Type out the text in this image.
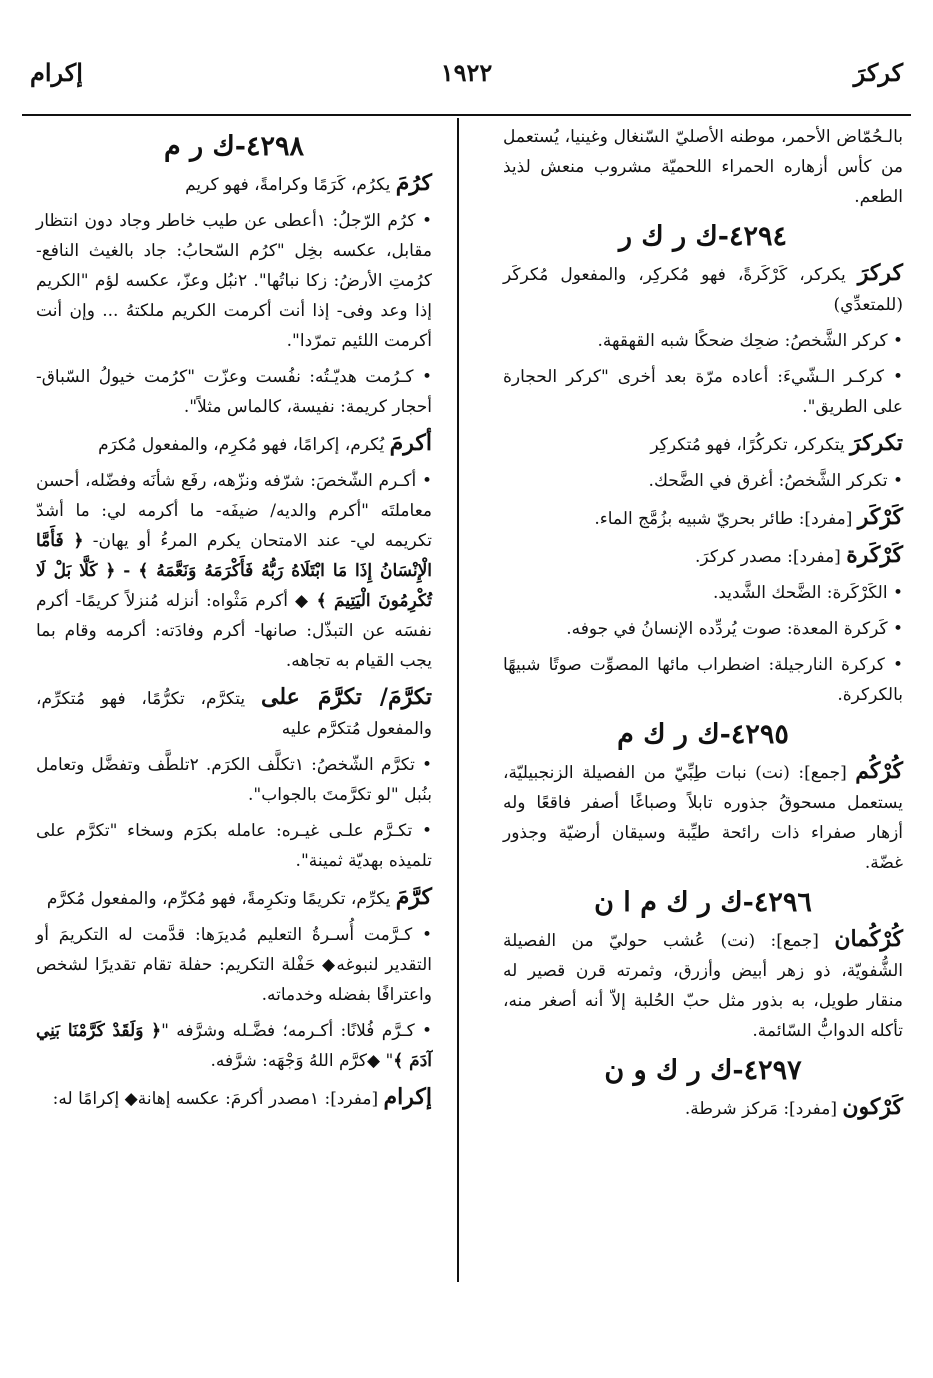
كركرَ
١٩٢٢
إكرام

بالـحُمّاض الأحمر، موطنه الأصليّ السّنغال وغينيا، يُستعمل من كأس أزهاره الحمراء اللحميّة مشروب منعش لذيذ الطعم.

٤٢٩٤-ك ر ك ر

كركرَ يكركر، كَرْكَرةً، فهو مُكركِر، والمفعول مُكركَر (للمتعدِّي)

• كركر الشَّخصُ: ضحِك ضحكًا شبه القهقهة.

• كركـر الـشّيءَ: أعاده مرّة بعد أخرى "كركر الحجارة على الطريق".

تكركرَ يتكركر، تكركُرًا، فهو مُتكركِر

• تكركر الشَّخصُ: أغرق في الضَّحك.

كَرْكَر [مفرد]: طائر بحريّ شبيه بزُمَّج الماء.

كَرْكَرة [مفرد]: مصدر كركرَ.

• الكَرْكَرة: الضَّحك الشَّديد.

• كَركرة المعدة: صوت يُردِّده الإنسانُ في جوفه.

• كركرة النارجيلة: اضطراب مائها المصوِّت صوتًا شبيهًا بالكركرة.

٤٢٩٥-ك ر ك م

كُرْكُم [جمع]: (نت) نبات طِبِّيّ من الفصيلة الزنجبيليّة، يستعمل مسحوقُ جذوره تابلاً وصباغًا أصفر فاقعًا وله أزهار صفراء ذات رائحة طيِّبة وسيقان أرضيّة وجذور غضّة.

٤٢٩٦-ك ر ك م ا ن

كُرْكُمان [جمع]: (نت) عُشب حوليّ من الفصيلة الشُّفويّة، ذو زهر أبيض وأزرق، وثمرته قرن قصير له منقار طويل، به بذور مثل حبّ الحُلبة إلاّ أنه أصغر منه، تأكله الدوابُّ السّائمة.

٤٢٩٧-ك ر ك و ن

كَرْكون [مفرد]: مَركز شرطة.

٤٢٩٨-ك ر م

كرُمَ يكرُم، كَرَمًا وكرامةً، فهو كريم

• كرُم الرّجلُ: ١أعطى عن طيب خاطر وجاد دون انتظار مقابل، عكسه بخِل "كرُم السّحابُ: جاد بالغيث النافع- كرُمتِ الأرضُ: زكا نباتُها". ٢نبُل وعزّ، عكسه لؤم "الكريم إذا وعد وفى- إذا أنت أكرمت الكريم ملكتهُ ... وإن أنت أكرمت اللئيم تمرّدا".

• كـرُمت هديّـتُه: نفُست وعزّت "كرُمت خيولُ السّباق- أحجار كريمة: نفيسة، كالماس مثلاً".

أكرمَ يُكرم، إكرامًا، فهو مُكرِم، والمفعول مُكرَم

• أكـرم الشّخصَ: شرّفه ونزّهه، رفَع شأنَه وفضّله، أحسن معاملتَه "أكرم والديه/ ضيفَه- ما أكرمه لي: ما أشدّ تكريمه لي- عند الامتحان يكرم المرءُ أو يهان- ﴿ فَأَمَّا الْإِنْسَانُ إِذَا مَا ابْتَلَاهُ رَبُّهُ فَأَكْرَمَهُ وَنَعَّمَهُ ﴾ - ﴿ كَلَّا بَلْ لَا تُكْرِمُونَ الْيَتِيمَ ﴾ ◆ أكرم مَثْواه: أنزله مُنزلاً كريمًا- أكرم نفسَه عن التبذّل: صانها- أكرم وفادَته: أكرمه وقام بما يجب القيام به تجاهه.

تكرَّمَ/ تكرَّمَ على يتكرَّم، تكرُّمًا، فهو مُتكرِّم، والمفعول مُتكرَّم عليه

• تكرَّم الشّخصُ: ١تكلَّف الكرَم. ٢تلطَّف وتفضَّل وتعامل بنُبل "لو تكرَّمتَ بالجواب".

• تكـرَّم علـى غيـره: عامله بكرَم وسخاء "تكرَّم على تلميذه بهديّة ثمينة".

كرَّمَ يكرِّم، تكريمًا وتكرِمةً، فهو مُكرِّم، والمفعول مُكرَّم

• كـرَّمت أُسـرةُ التعليم مُديرَها: قدَّمت له التكريمَ أو التقدير لنبوغه◆ حَفْلة التكريم: حفلة تقام تقديرًا لشخص واعترافًا بفضله وخدماته.

• كـرَّم فُلانًا: أكـرمه؛ فضَّـله وشرَّفه "﴿ وَلَقَدْ كَرَّمْنَا بَنِي آدَمَ ﴾" ◆كرَّم اللهُ وَجْهَه: شرَّفه.

إكرام [مفرد]: ١مصدر أكرمَ: عكسه إهانة◆ إكرامًا له:
